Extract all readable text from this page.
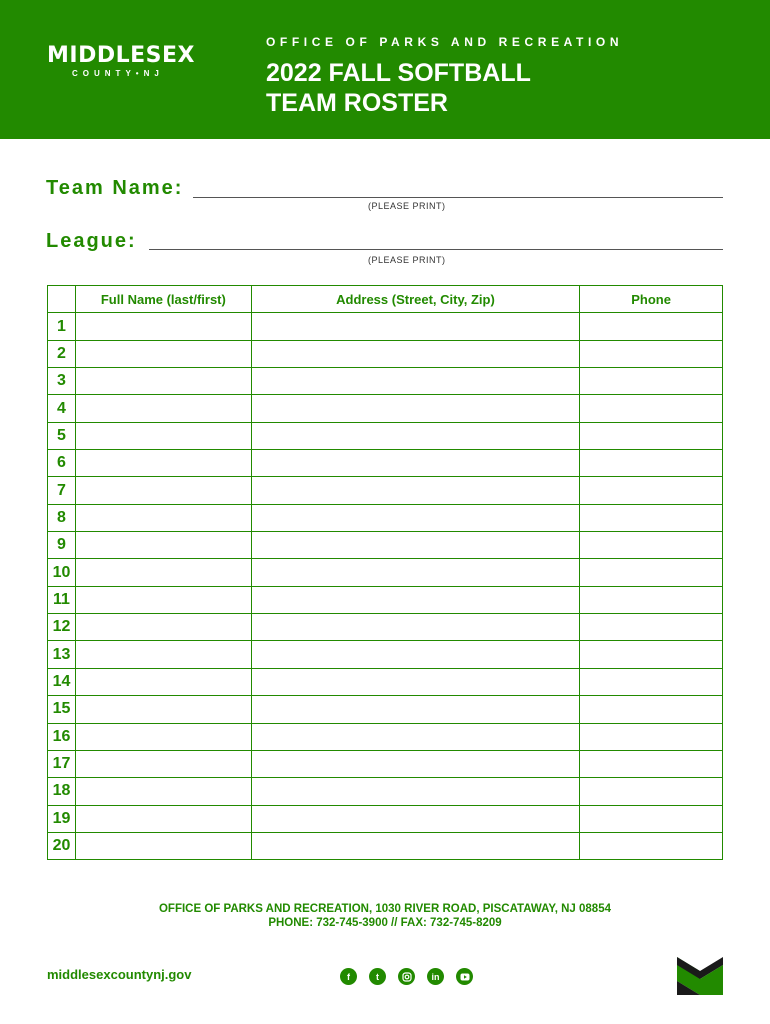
MIDDLESEX
COUNTY•NJ
OFFICE OF PARKS AND RECREATION
2022 FALL SOFTBALL
TEAM ROSTER
Team Name:
(PLEASE PRINT)
League:
(PLEASE PRINT)
	Full Name (last/first)	Address (Street, City, Zip)	Phone
1			
2			
3			
4			
5			
6			
7			
8			
9			
10			
11			
12			
13			
14			
15			
16			
17			
18			
19			
20			
OFFICE OF PARKS AND RECREATION, 1030 RIVER ROAD, PISCATAWAY, NJ 08854
PHONE: 732-745-3900 // FAX: 732-745-8209
middlesexcountynj.gov	f	t	in
